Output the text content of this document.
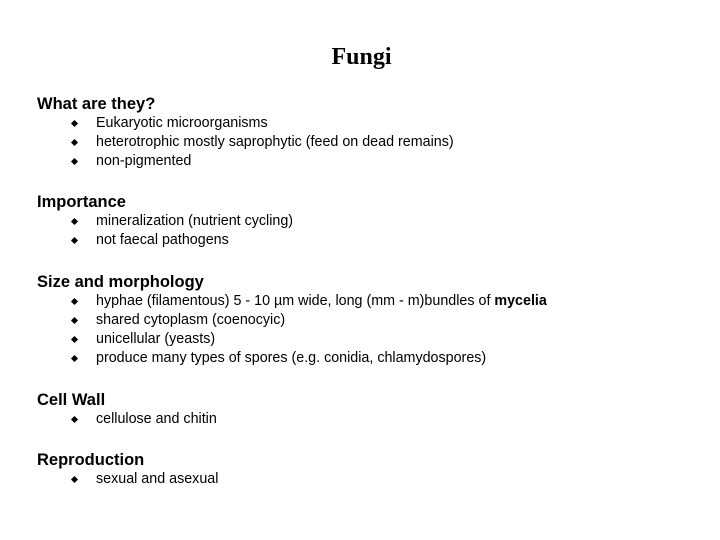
Fungi
What are they?
Eukaryotic microorganisms
heterotrophic mostly saprophytic (feed on dead remains)
non-pigmented
Importance
mineralization (nutrient cycling)
not faecal pathogens
Size and morphology
hyphae (filamentous) 5 - 10 µm wide, long (mm - m)bundles of mycelia
shared cytoplasm (coenocyic)
unicellular (yeasts)
produce many types of spores (e.g. conidia, chlamydospores)
Cell Wall
cellulose and chitin
Reproduction
sexual and asexual
